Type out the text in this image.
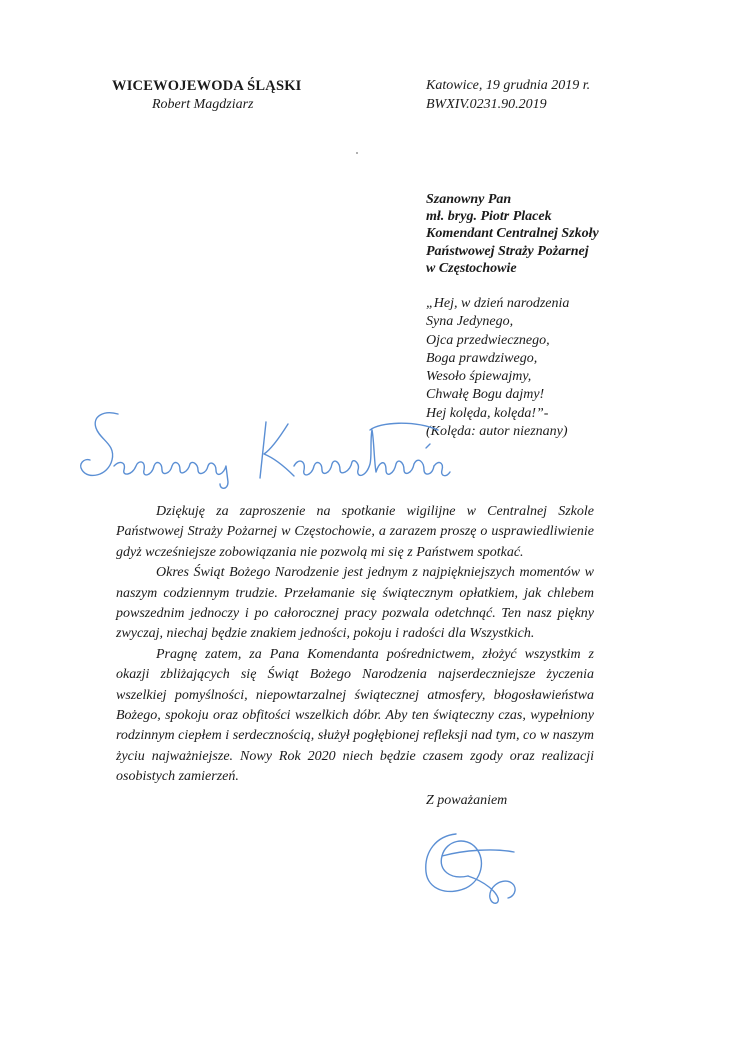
WICEWOJEWODA ŚLĄSKI
Robert Magdziarz
Katowice, 19 grudnia 2019 r.
BWXIV.0231.90.2019
Szanowny Pan
mł. bryg. Piotr Placek
Komendant Centralnej Szkoły
Państwowej Straży Pożarnej
w Częstochowie
„Hej, w dzień narodzenia
Syna Jedynego,
Ojca przedwiecznego,
Boga prawdziwego,
Wesoło śpiewajmy,
Chwałę Bogu dajmy!
Hej kolęda, kolęda!”-
(Kolęda: autor nieznany)

Dziękuję za zaproszenie na spotkanie wigilijne w Centralnej Szkole Państwowej Straży Pożarnej w Częstochowie, a zarazem proszę o usprawiedliwienie gdyż wcześniejsze zobowiązania nie pozwolą mi się z Państwem spotkać.

Okres Świąt Bożego Narodzenie jest jednym z najpiękniejszych momentów w naszym codziennym trudzie. Przełamanie się świątecznym opłatkiem, jak chlebem powszednim jednoczy i po całorocznej pracy pozwala odetchnąć. Ten nasz piękny zwyczaj, niechaj będzie znakiem jedności, pokoju i radości dla Wszystkich.

Pragnę zatem, za Pana Komendanta pośrednictwem, złożyć wszystkim z okazji zbliżających się Świąt Bożego Narodzenia najserdeczniejsze życzenia wszelkiej pomyślności, niepowtarzalnej świątecznej atmosfery, błogosławieństwa Bożego, spokoju oraz obfitości wszelkich dóbr. Aby ten świąteczny czas, wypełniony rodzinnym ciepłem i serdecznością, służył pogłębionej refleksji nad tym, co w naszym życiu najważniejsze. Nowy Rok 2020 niech będzie czasem zgody oraz realizacji osobistych zamierzeń.

Z poważaniem
